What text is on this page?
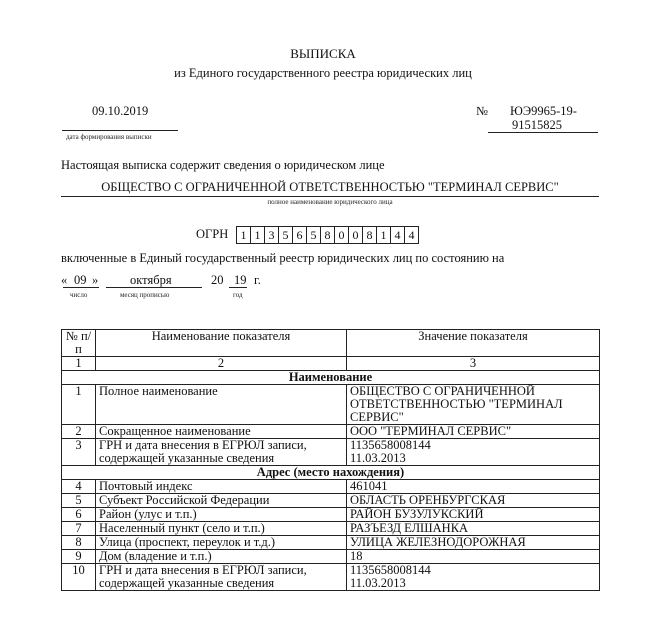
ВЫПИСКА
из Единого государственного реестра юридических лиц
09.10.2019
дата формирования выписки
№ ЮЭ9965-19-
91515825
Настоящая выписка содержит сведения о юридическом лице
ОБЩЕСТВО С ОГРАНИЧЕННОЙ ОТВЕТСТВЕННОСТЬЮ "ТЕРМИНАЛ СЕРВИС"
полное наименование юридического лица
ОГРН 1 1 3 5 6 5 8 0 0 8 1 4 4
включенные в Единый государственный реестр юридических лиц по состоянию на
« 09 »	октября	20 19 г.
число	месяц прописью	год
№ п/п	Наименование показателя	Значение показателя
1	2	3
Наименование		
1	Полное наименование	ОБЩЕСТВО С ОГРАНИЧЕННОЙ ОТВЕТСТВЕННОСТЬЮ "ТЕРМИНАЛ СЕРВИС"
2	Сокращенное наименование	ООО "ТЕРМИНАЛ СЕРВИС"
3	ГРН и дата внесения в ЕГРЮЛ записи, содержащей указанные сведения	1135658008144
11.03.2013
Адрес (место нахождения)		
4	Почтовый индекс	461041
5	Субъект Российской Федерации	ОБЛАСТЬ ОРЕНБУРГСКАЯ
6	Район (улус и т.п.)	РАЙОН БУЗУЛУКСКИЙ
7	Населенный пункт (село и т.п.)	РАЗЪЕЗД ЕЛШАНКА
8	Улица (проспект, переулок и т.д.)	УЛИЦА ЖЕЛЕЗНОДОРОЖНАЯ
9	Дом (владение и т.п.)	18
10	ГРН и дата внесения в ЕГРЮЛ записи, содержащей указанные сведения	1135658008144
11.03.2013
